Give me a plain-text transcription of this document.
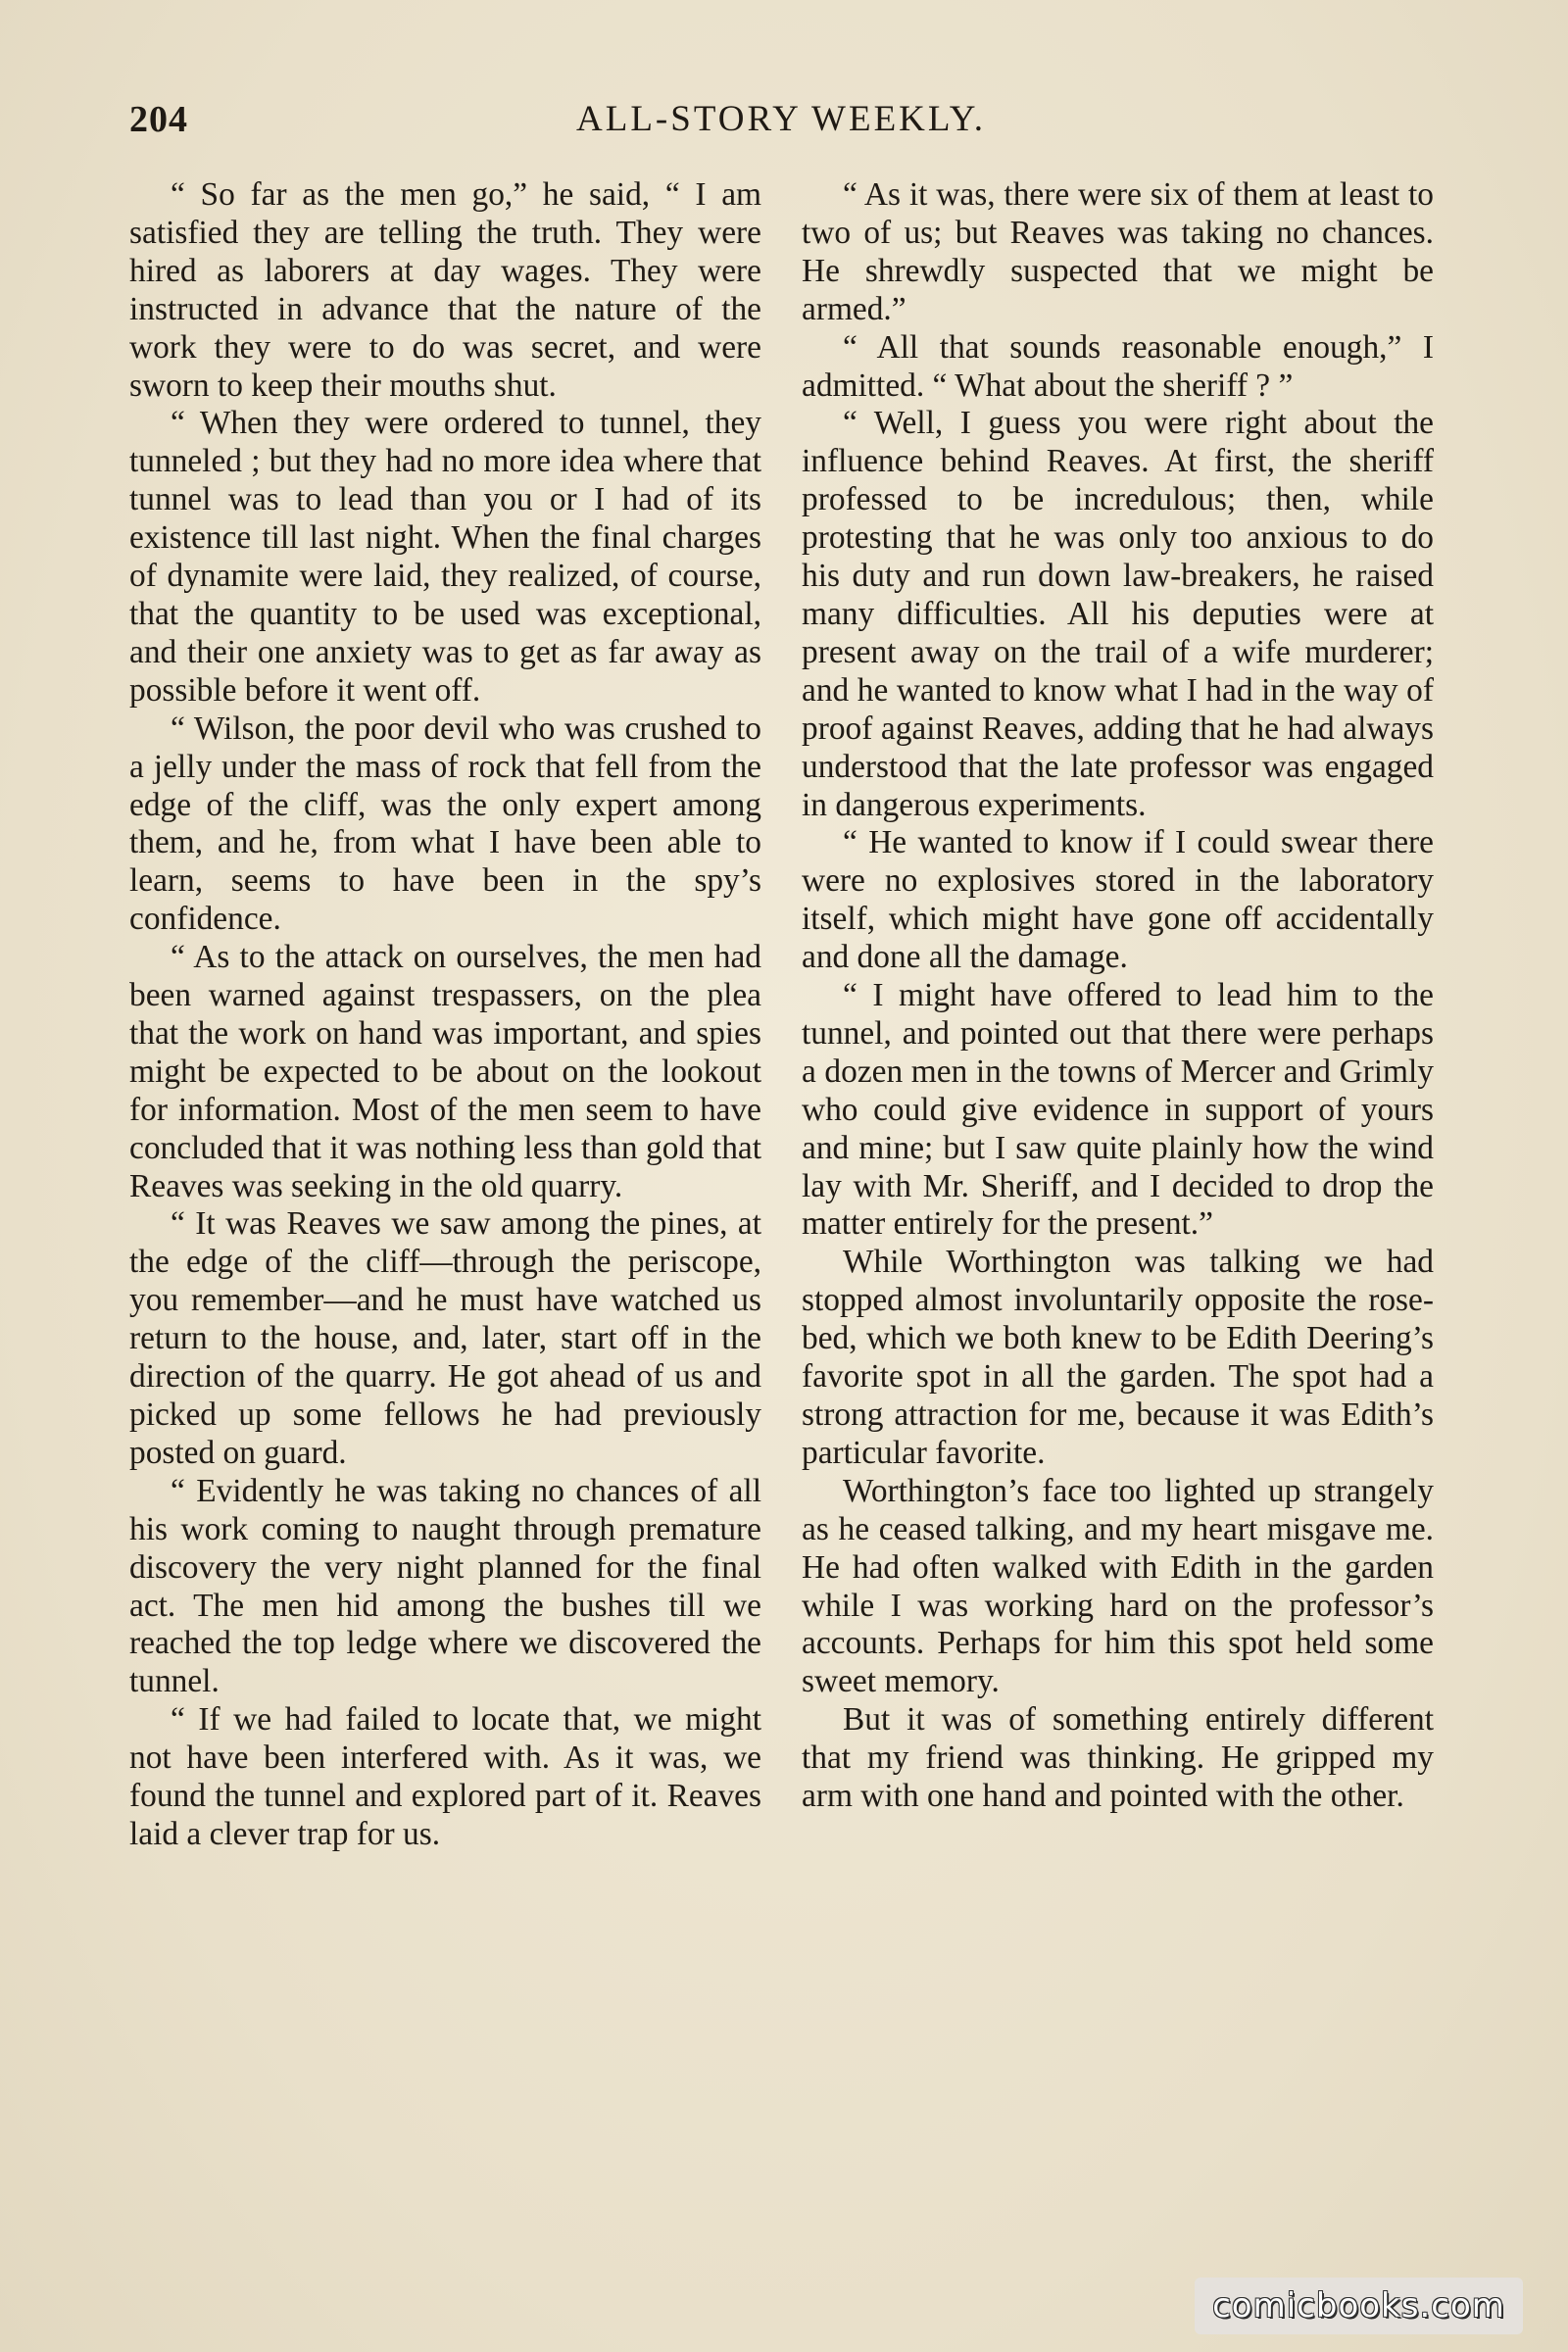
204	ALL-STORY WEEKLY.

“ So far as the men go,” he said, “ I am satisfied they are telling the truth. They were hired as laborers at day wages. They were instructed in advance that the nature of the work they were to do was secret, and were sworn to keep their mouths shut.

“ When they were ordered to tunnel, they tunneled ; but they had no more idea where that tunnel was to lead than you or I had of its existence till last night. When the final charges of dynamite were laid, they realized, of course, that the quantity to be used was exceptional, and their one anxiety was to get as far away as possible before it went off.

“ Wilson, the poor devil who was crushed to a jelly under the mass of rock that fell from the edge of the cliff, was the only expert among them, and he, from what I have been able to learn, seems to have been in the spy’s confidence.

“ As to the attack on ourselves, the men had been warned against trespassers, on the plea that the work on hand was important, and spies might be expected to be about on the lookout for information. Most of the men seem to have concluded that it was nothing less than gold that Reaves was seeking in the old quarry.

“ It was Reaves we saw among the pines, at the edge of the cliff—through the periscope, you remember—and he must have watched us return to the house, and, later, start off in the direction of the quarry. He got ahead of us and picked up some fellows he had previously posted on guard.

“ Evidently he was taking no chances of all his work coming to naught through premature discovery the very night planned for the final act. The men hid among the bushes till we reached the top ledge where we discovered the tunnel.

“ If we had failed to locate that, we might not have been interfered with. As it was, we found the tunnel and explored part of it. Reaves laid a clever trap for us.

“ As it was, there were six of them at least to two of us; but Reaves was taking no chances. He shrewdly suspected that we might be armed.”

“ All that sounds reasonable enough,” I admitted. “ What about the sheriff ? ”

“ Well, I guess you were right about the influence behind Reaves. At first, the sheriff professed to be incredulous; then, while protesting that he was only too anxious to do his duty and run down law-breakers, he raised many difficulties. All his deputies were at present away on the trail of a wife murderer; and he wanted to know what I had in the way of proof against Reaves, adding that he had always understood that the late professor was engaged in dangerous experiments.

“ He wanted to know if I could swear there were no explosives stored in the laboratory itself, which might have gone off accidentally and done all the damage.

“ I might have offered to lead him to the tunnel, and pointed out that there were perhaps a dozen men in the towns of Mercer and Grimly who could give evidence in support of yours and mine; but I saw quite plainly how the wind lay with Mr. Sheriff, and I decided to drop the matter entirely for the present.”

While Worthington was talking we had stopped almost involuntarily opposite the rose-bed, which we both knew to be Edith Deering’s favorite spot in all the garden. The spot had a strong attraction for me, because it was Edith’s particular favorite.

Worthington’s face too lighted up strangely as he ceased talking, and my heart misgave me. He had often walked with Edith in the garden while I was working hard on the professor’s accounts. Perhaps for him this spot held some sweet memory.

But it was of something entirely different that my friend was thinking. He gripped my arm with one hand and pointed with the other.

comicbooks.com
